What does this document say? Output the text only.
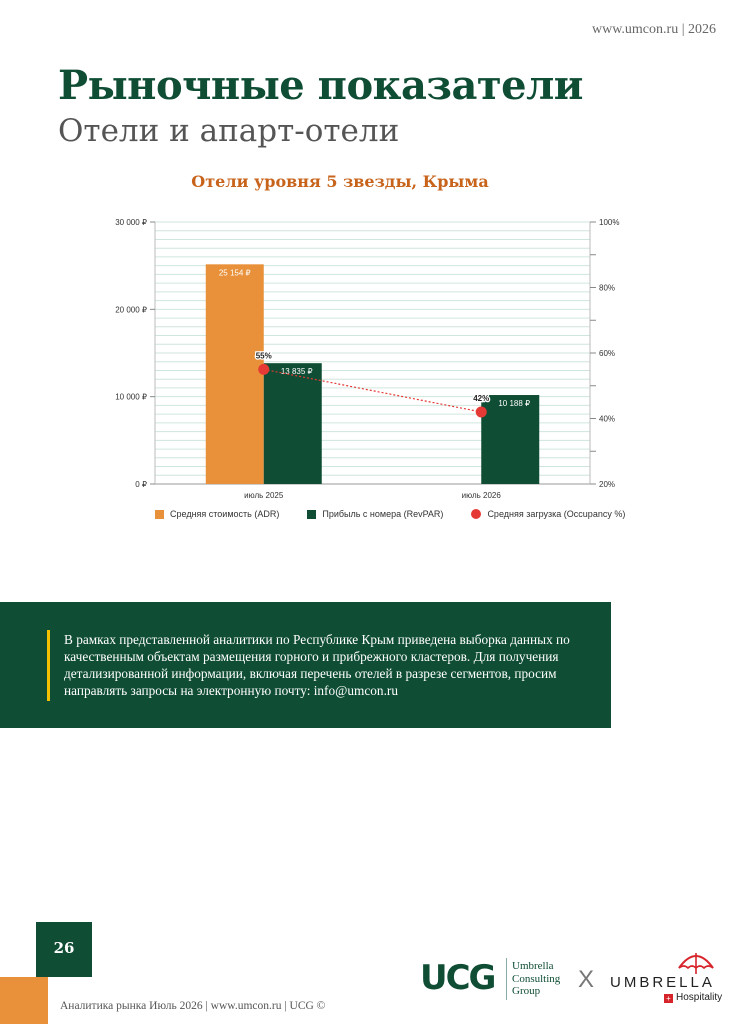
www.umcon.ru | 2026
Рыночные показатели
Отели и апарт-отели
Отели уровня 5 звезды, Крыма
0 ₽
10 000 ₽
20 000 ₽
30 000 ₽
20%
40%
60%
80%
100%
июль 2025
25 154 ₽
13 835 ₽
июль 2026
24 258 ₽
10 188 ₽
55%
42%
Средняя стоимость (ADR)	Прибыль с номера (RevPAR)	Средняя загрузка (Occupancy %)

В рамках представленной аналитики по Республике Крым приведена выборка данных по качественным объектам размещения горного и прибрежного кластеров. Для получения детализированной информации, включая перечень отелей в разрезе сегментов, просим направлять запросы на электронную почту: info@umcon.ru

26
Аналитика рынка Июль 2026 | www.umcon.ru | UCG ©
UCG Umbrella
Consulting
Group	X UMBRELLA
+ Hospitality
